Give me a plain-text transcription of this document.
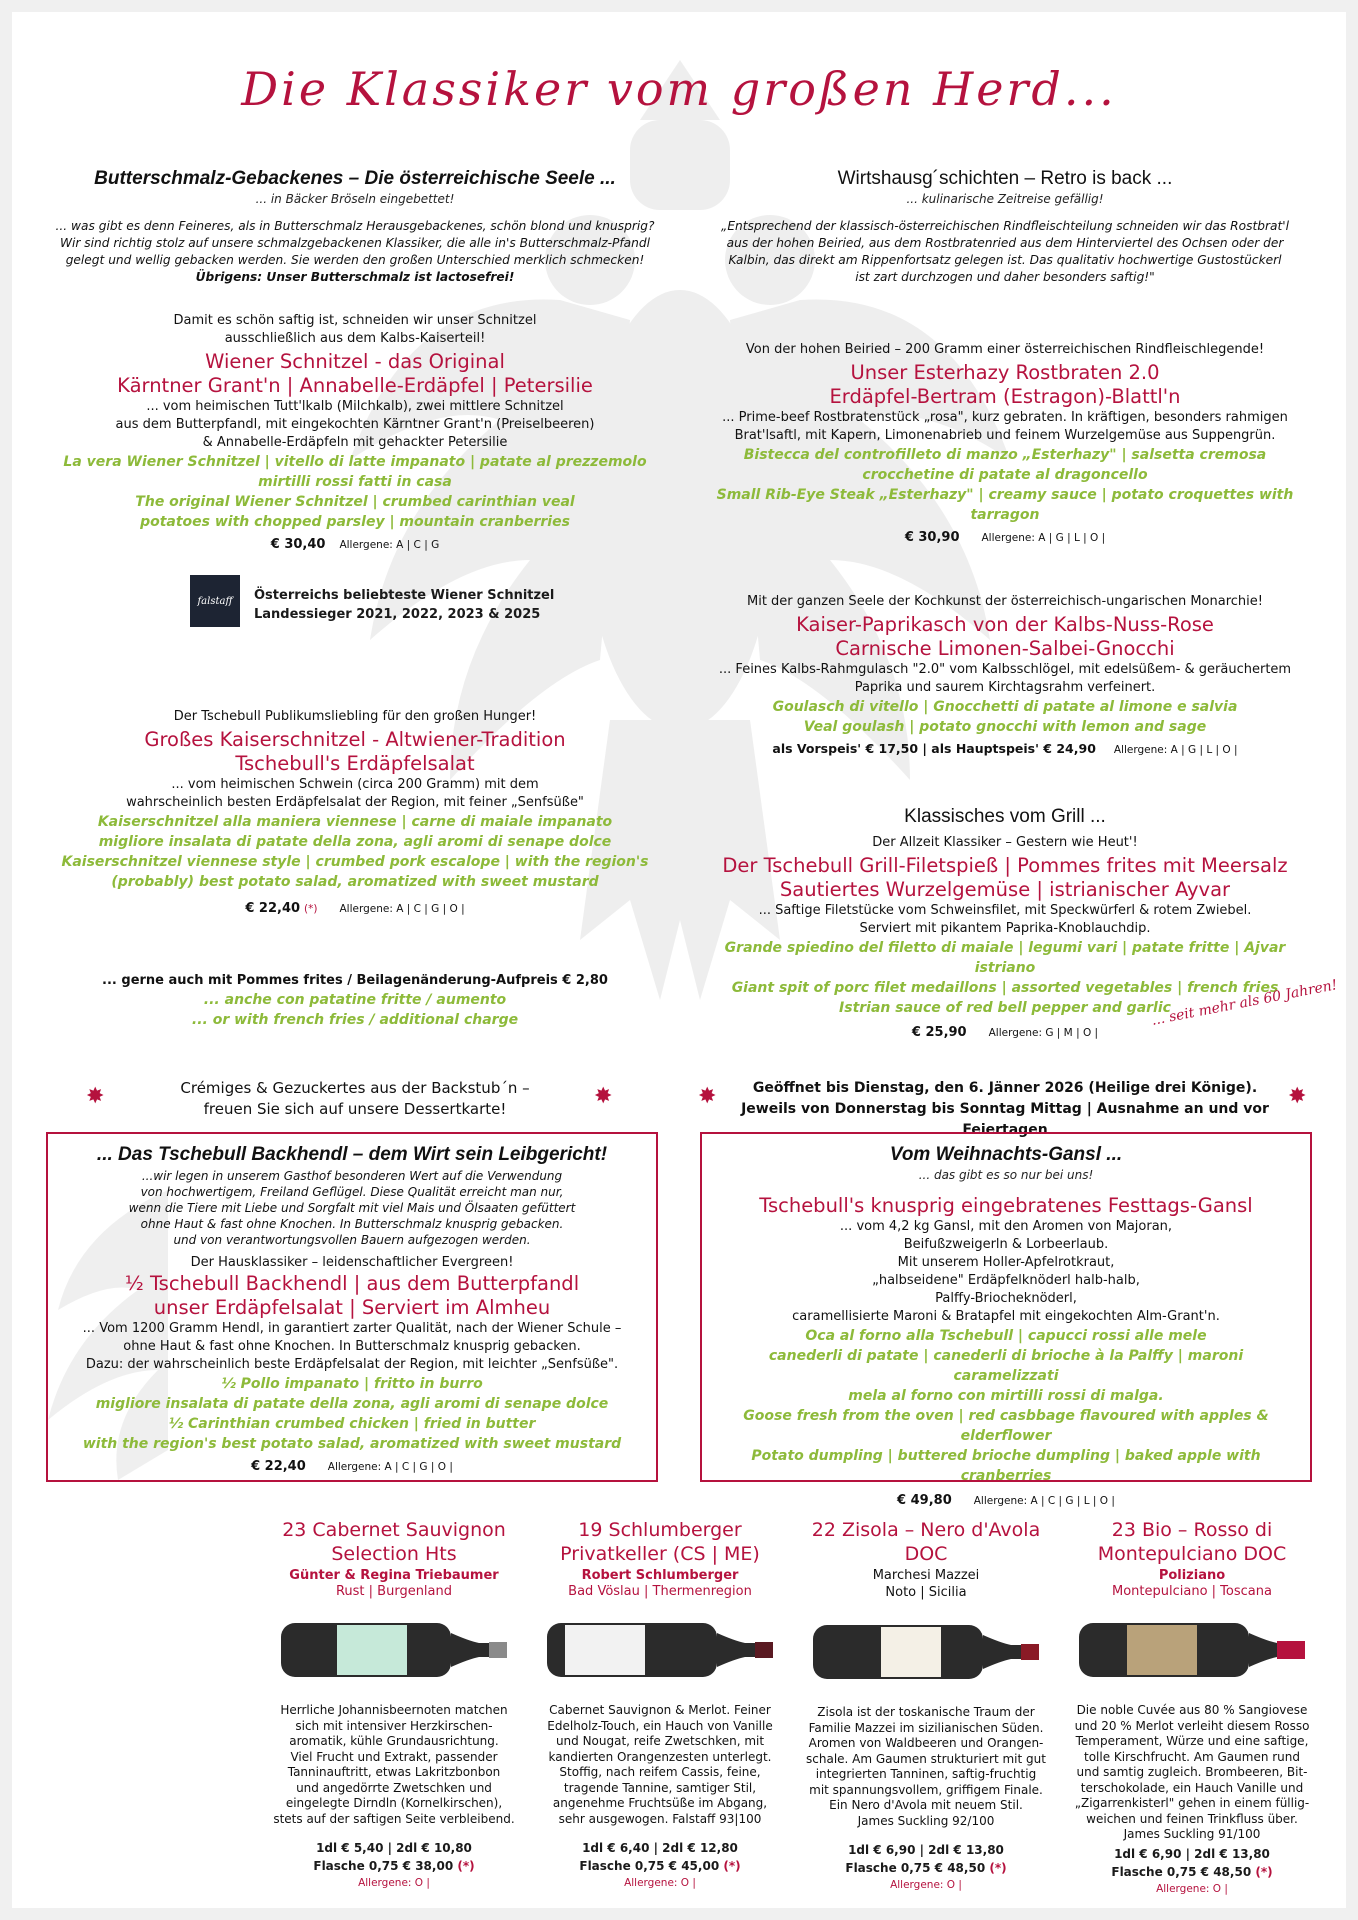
Die Klassiker vom großen Herd...
Butterschmalz-Gebackenes – Die österreichische Seele ...
... in Bäcker Bröseln eingebettet!
... was gibt es denn Feineres, als in Butterschmalz Herausgebackenes, schön blond und knusprig?
Wir sind richtig stolz auf unsere schmalzgebackenen Klassiker, die alle in's Butterschmalz-Pfandl
gelegt und wellig gebacken werden. Sie werden den großen Unterschied merklich schmecken!
Übrigens: Unser Butterschmalz ist lactosefrei!
Damit es schön saftig ist, schneiden wir unser Schnitzel
ausschließlich aus dem Kalbs-Kaiserteil!
Wiener Schnitzel - das Original
Kärntner Grant'n | Annabelle-Erdäpfel | Petersilie
... vom heimischen Tutt'lkalb (Milchkalb), zwei mittlere Schnitzel
aus dem Butterpfandl, mit eingekochten Kärntner Grant'n (Preiselbeeren)
& Annabelle-Erdäpfeln mit gehackter Petersilie
La vera Wiener Schnitzel | vitello di latte impanato | patate al prezzemolo
mirtilli rossi fatti in casa
The original Wiener Schnitzel | crumbed carinthian veal
potatoes with chopped parsley | mountain cranberries
€ 30,40 Allergene: A | C | G
falstaff	Österreichs beliebteste Wiener Schnitzel
Landessieger 2021, 2022, 2023 & 2025
Der Tschebull Publikumsliebling für den großen Hunger!
Großes Kaiserschnitzel - Altwiener-Tradition
Tschebull's Erdäpfelsalat
... vom heimischen Schwein (circa 200 Gramm) mit dem
wahrscheinlich besten Erdäpfelsalat der Region, mit feiner „Senfsüße"
Kaiserschnitzel alla maniera viennese | carne di maiale impanato
migliore insalata di patate della zona, agli aromi di senape dolce
Kaiserschnitzel viennese style | crumbed pork escalope | with the region's
(probably) best potato salad, aromatized with sweet mustard
€ 22,40 (*) Allergene: A | C | G | O |
... gerne auch mit Pommes frites / Beilagenänderung-Aufpreis € 2,80
... anche con patatine fritte / aumento
... or with french fries / additional charge
Wirtshausg´schichten – Retro is back ...
... kulinarische Zeitreise gefällig!
„Entsprechend der klassisch-österreichischen Rindfleischteilung schneiden wir das Rostbrat'l
aus der hohen Beiried, aus dem Rostbratenried aus dem Hinterviertel des Ochsen oder der
Kalbin, das direkt am Rippenfortsatz gelegen ist. Das qualitativ hochwertige Gustostückerl
ist zart durchzogen und daher besonders saftig!"
Von der hohen Beiried – 200 Gramm einer österreichischen Rindfleischlegende!
Unser Esterhazy Rostbraten 2.0
Erdäpfel-Bertram (Estragon)-Blattl'n
... Prime-beef Rostbratenstück „rosa", kurz gebraten. In kräftigen, besonders rahmigen
Brat'lsaftl, mit Kapern, Limonenabrieb und feinem Wurzelgemüse aus Suppengrün.
Bistecca del controfilleto di manzo „Esterhazy" | salsetta cremosa
crocchetine di patate al dragoncello
Small Rib-Eye Steak „Esterhazy" | creamy sauce | potato croquettes with tarragon
€ 30,90 Allergene: A | G | L | O |
Mit der ganzen Seele der Kochkunst der österreichisch-ungarischen Monarchie!
Kaiser-Paprikasch von der Kalbs-Nuss-Rose
Carnische Limonen-Salbei-Gnocchi
... Feines Kalbs-Rahmgulasch "2.0" vom Kalbsschlögel, mit edelsüßem- & geräuchertem
Paprika und saurem Kirchtagsrahm verfeinert.
Goulasch di vitello | Gnocchetti di patate al limone e salvia
Veal goulash | potato gnocchi with lemon and sage
als Vorspeis' € 17,50 | als Hauptspeis' € 24,90 Allergene: A | G | L | O |
Klassisches vom Grill ...
Der Allzeit Klassiker – Gestern wie Heut'!
Der Tschebull Grill-Filetspieß | Pommes frites mit Meersalz
Sautiertes Wurzelgemüse | istrianischer Ayvar
... Saftige Filetstücke vom Schweinsfilet, mit Speckwürferl & rotem Zwiebel.
Serviert mit pikantem Paprika-Knoblauchdip.
Grande spiedino del filetto di maiale | legumi vari | patate fritte | Ajvar istriano
Giant spit of porc filet medaillons | assorted vegetables | french fries
Istrian sauce of red bell pepper and garlic
€ 25,90 Allergene: G | M | O |
... seit mehr als 60 Jahren!
✸	✸
Crémiges & Gezuckertes aus der Backstub´n –
freuen Sie sich auf unsere Dessertkarte!	✸	✸
Geöffnet bis Dienstag, den 6. Jänner 2026 (Heilige drei Könige).
Jeweils von Donnerstag bis Sonntag Mittag | Ausnahme an und vor Feiertagen
... Das Tschebull Backhendl – dem Wirt sein Leibgericht!
...wir legen in unserem Gasthof besonderen Wert auf die Verwendung
von hochwertigem, Freiland Geflügel. Diese Qualität erreicht man nur,
wenn die Tiere mit Liebe und Sorgfalt mit viel Mais und Ölsaaten gefüttert
ohne Haut & fast ohne Knochen. In Butterschmalz knusprig gebacken.
und von verantwortungsvollen Bauern aufgezogen werden.
Der Hausklassiker – leidenschaftlicher Evergreen!
½ Tschebull Backhendl | aus dem Butterpfandl
unser Erdäpfelsalat | Serviert im Almheu
... Vom 1200 Gramm Hendl, in garantiert zarter Qualität, nach der Wiener Schule –
ohne Haut & fast ohne Knochen. In Butterschmalz knusprig gebacken.
Dazu: der wahrscheinlich beste Erdäpfelsalat der Region, mit leichter „Senfsüße".
½ Pollo impanato | fritto in burro
migliore insalata di patate della zona, agli aromi di senape dolce
½ Carinthian crumbed chicken | fried in butter
with the region's best potato salad, aromatized with sweet mustard
€ 22,40 Allergene: A | C | G | O |
Vom Weihnachts-Gansl ...
... das gibt es so nur bei uns!
Tschebull's knusprig eingebratenes Festtags-Gansl
... vom 4,2 kg Gansl, mit den Aromen von Majoran,
Beifußzweigerln & Lorbeerlaub.
Mit unserem Holler-Apfelrotkraut,
„halbseidene" Erdäpfelknöderl halb-halb,
Palffy-Briocheknöderl,
caramellisierte Maroni & Bratapfel mit eingekochten Alm-Grant'n.
Oca al forno alla Tschebull | capucci rossi alle mele
canederli di patate | canederli di brioche à la Palffy | maroni caramelizzati
mela al forno con mirtilli rossi di malga.
Goose fresh from the oven | red casbbage flavoured with apples & elderflower
Potato dumpling | buttered brioche dumpling | baked apple with cranberries
€ 49,80 Allergene: A | C | G | L | O |
23 Cabernet Sauvignon
Selection Hts
Günter & Regina Triebaumer
Rust | Burgenland
Herrliche Johannisbeernoten matchen
sich mit intensiver Herzkirschen-
aromatik, kühle Grundausrichtung.
Viel Frucht und Extrakt, passender
Tanninauftritt, etwas Lakritzbonbon
und angedörrte Zwetschken und
eingelegte Dirndln (Kornelkirschen),
stets auf der saftigen Seite verbleibend.
1dl € 5,40 | 2dl € 10,80
Flasche 0,75 € 38,00 (*)
Allergene: O |
19 Schlumberger
Privatkeller (CS | ME)
Robert Schlumberger
Bad Vöslau | Thermenregion
Cabernet Sauvignon & Merlot. Feiner
Edelholz-Touch, ein Hauch von Vanille
und Nougat, reife Zwetschken, mit
kandierten Orangenzesten unterlegt.
Stoffig, nach reifem Cassis, feine,
tragende Tannine, samtiger Stil,
angenehme Fruchtsüße im Abgang,
sehr ausgewogen. Falstaff 93|100
1dl € 6,40 | 2dl € 12,80
Flasche 0,75 € 45,00 (*)
Allergene: O |
22 Zisola – Nero d'Avola
DOC
Marchesi Mazzei
Noto | Sicilia
Zisola ist der toskanische Traum der
Familie Mazzei im sizilianischen Süden.
Aromen von Waldbeeren und Orangen-
schale. Am Gaumen strukturiert mit gut
integrierten Tanninen, saftig-fruchtig
mit spannungsvollem, griffigem Finale.
Ein Nero d'Avola mit neuem Stil.
James Suckling 92/100
1dl € 6,90 | 2dl € 13,80
Flasche 0,75 € 48,50 (*)
Allergene: O |
23 Bio – Rosso di
Montepulciano DOC
Poliziano
Montepulciano | Toscana
Die noble Cuvée aus 80 % Sangiovese
und 20 % Merlot verleiht diesem Rosso
Temperament, Würze und eine saftige,
tolle Kirschfrucht. Am Gaumen rund
und samtig zugleich. Brombeeren, Bit-
terschokolade, ein Hauch Vanille und
„Zigarrenkisterl" gehen in einem füllig-
weichen und feinen Trinkfluss über.
James Suckling 91/100
1dl € 6,90 | 2dl € 13,80
Flasche 0,75 € 48,50 (*)
Allergene: O |
